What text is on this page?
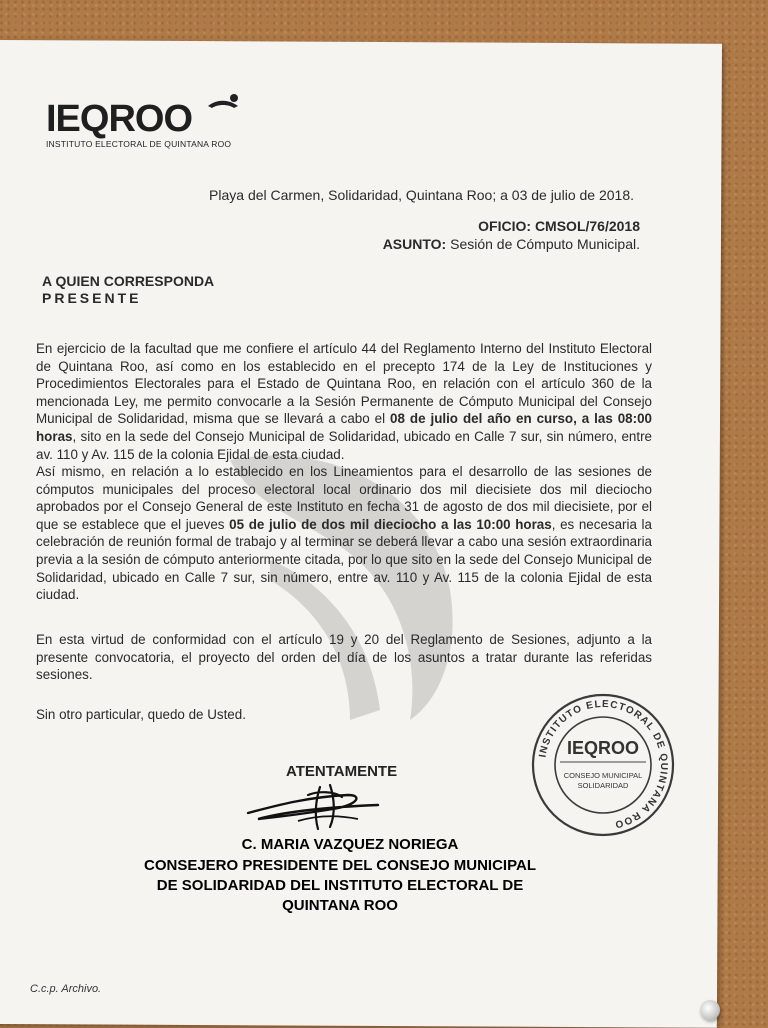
IEQROO
INSTITUTO ELECTORAL DE QUINTANA ROO
Playa del Carmen, Solidaridad, Quintana Roo; a 03 de julio de 2018.
OFICIO: CMSOL/76/2018
ASUNTO: Sesión de Cómputo Municipal.
A QUIEN CORRESPONDA
PRESENTE
En ejercicio de la facultad que me confiere el artículo 44 del Reglamento Interno del Instituto Electoral de Quintana Roo, así como en los establecido en el precepto 174 de la Ley de Instituciones y Procedimientos Electorales para el Estado de Quintana Roo, en relación con el artículo 360 de la mencionada Ley, me permito convocarle a la Sesión Permanente de Cómputo Municipal del Consejo Municipal de Solidaridad, misma que se llevará a cabo el 08 de julio del año en curso, a las 08:00 horas, sito en la sede del Consejo Municipal de Solidaridad, ubicado en Calle 7 sur, sin número, entre av. 110 y Av. 115 de la colonia Ejidal de esta ciudad.
Así mismo, en relación a lo establecido en los Lineamientos para el desarrollo de las sesiones de cómputos municipales del proceso electoral local ordinario dos mil diecisiete dos mil dieciocho aprobados por el Consejo General de este Instituto en fecha 31 de agosto de dos mil diecisiete, por el que se establece que el jueves 05 de julio de dos mil dieciocho a las 10:00 horas, es necesaria la celebración de reunión formal de trabajo y al terminar se deberá llevar a cabo una sesión extraordinaria previa a la sesión de cómputo anteriormente citada, por lo que sito en la sede del Consejo Municipal de Solidaridad, ubicado en Calle 7 sur, sin número, entre av. 110 y Av. 115 de la colonia Ejidal de esta ciudad.
En esta virtud de conformidad con el artículo 19 y 20 del Reglamento de Sesiones, adjunto a la presente convocatoria, el proyecto del orden del día de los asuntos a tratar durante las referidas sesiones.
Sin otro particular, quedo de Usted.
INSTITUTO ELECTORAL DE QUINTANA ROO
IEQROO
CONSEJO MUNICIPAL
SOLIDARIDAD
ATENTAMENTE
C. MARIA VAZQUEZ NORIEGA
CONSEJERO PRESIDENTE DEL CONSEJO MUNICIPAL
DE SOLIDARIDAD DEL INSTITUTO ELECTORAL DE
QUINTANA ROO
C.c.p. Archivo.
